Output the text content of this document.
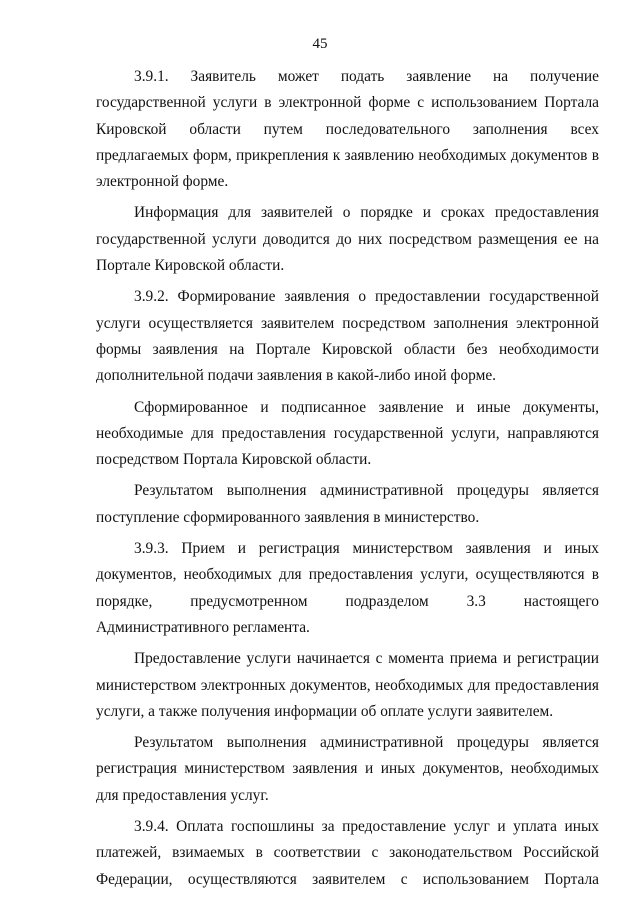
45

3.9.1. Заявитель может подать заявление на получение государственной услуги в электронной форме с использованием Портала Кировской области путем последовательного заполнения всех предлагаемых форм, прикрепления к заявлению необходимых документов в электронной форме.

Информация для заявителей о порядке и сроках предоставления государственной услуги доводится до них посредством размещения ее на Портале Кировской области.

3.9.2. Формирование заявления о предоставлении государственной услуги осуществляется заявителем посредством заполнения электронной формы заявления на Портале Кировской области без необходимости дополнительной подачи заявления в какой-либо иной форме.

Сформированное и подписанное заявление и иные документы, необходимые для предоставления государственной услуги, направляются посредством Портала Кировской области.

Результатом выполнения административной процедуры является поступление сформированного заявления в министерство.

3.9.3. Прием и регистрация министерством заявления и иных документов, необходимых для предоставления услуги, осуществляются в порядке, предусмотренном подразделом 3.3 настоящего Административного регламента.

Предоставление услуги начинается с момента приема и регистрации министерством электронных документов, необходимых для предоставления услуги, а также получения информации об оплате услуги заявителем.

Результатом выполнения административной процедуры является регистрация министерством заявления и иных документов, необходимых для предоставления услуг.

3.9.4. Оплата госпошлины за предоставление услуг и уплата иных платежей, взимаемых в соответствии с законодательством Российской Федерации, осуществляются заявителем с использованием Портала
